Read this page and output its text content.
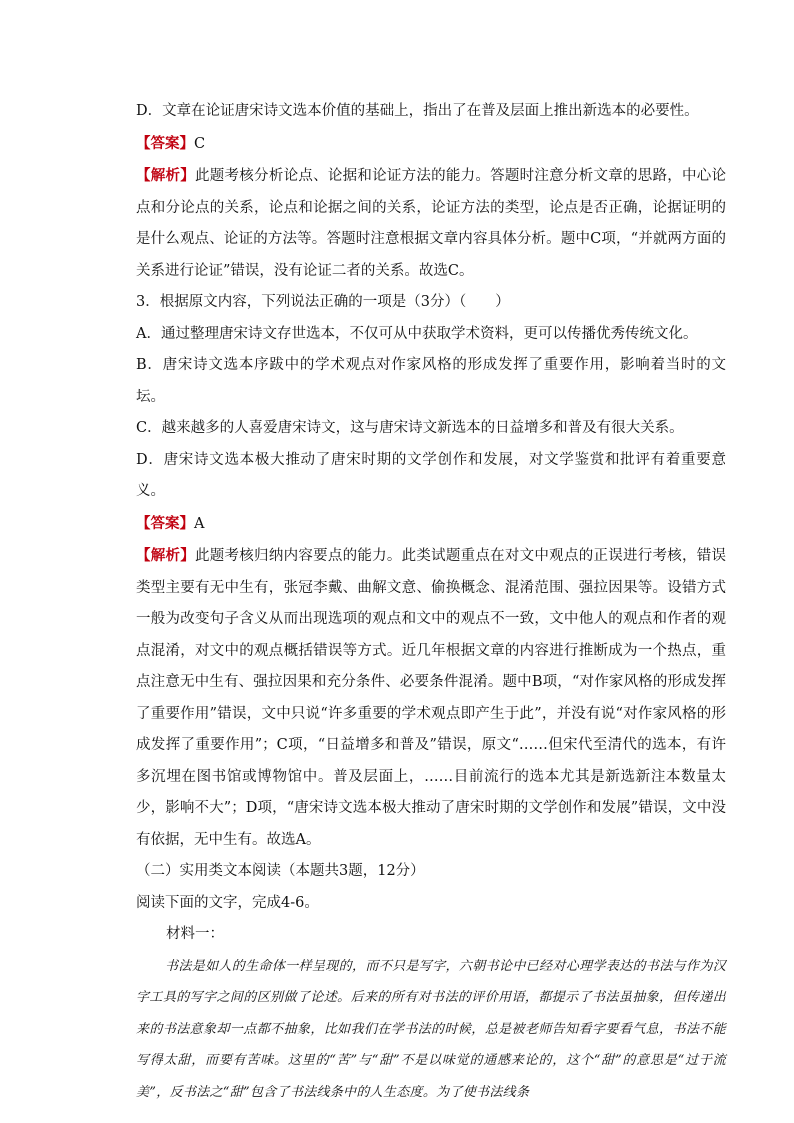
D．文章在论证唐宋诗文选本价值的基础上，指出了在普及层面上推出新选本的必要性。

【答案】C

【解析】此题考核分析论点、论据和论证方法的能力。答题时注意分析文章的思路，中心论点和分论点的关系，论点和论据之间的关系，论证方法的类型，论点是否正确，论据证明的是什么观点、论证的方法等。答题时注意根据文章内容具体分析。题中C项，“并就两方面的关系进行论证”错误，没有论证二者的关系。故选C。

3．根据原文内容，下列说法正确的一项是（3分）（　　）

A．通过整理唐宋诗文存世选本，不仅可从中获取学术资料，更可以传播优秀传统文化。

B．唐宋诗文选本序跋中的学术观点对作家风格的形成发挥了重要作用，影响着当时的文坛。

C．越来越多的人喜爱唐宋诗文，这与唐宋诗文新选本的日益增多和普及有很大关系。

D．唐宋诗文选本极大推动了唐宋时期的文学创作和发展，对文学鉴赏和批评有着重要意义。

【答案】A

【解析】此题考核归纳内容要点的能力。此类试题重点在对文中观点的正误进行考核，错误类型主要有无中生有，张冠李戴、曲解文意、偷换概念、混淆范围、强拉因果等。设错方式一般为改变句子含义从而出现选项的观点和文中的观点不一致，文中他人的观点和作者的观点混淆，对文中的观点概括错误等方式。近几年根据文章的内容进行推断成为一个热点，重点注意无中生有、强拉因果和充分条件、必要条件混淆。题中B项，“对作家风格的形成发挥了重要作用”错误，文中只说“许多重要的学术观点即产生于此”，并没有说“对作家风格的形成发挥了重要作用”；C项，“日益增多和普及”错误，原文“……但宋代至清代的选本，有许多沉埋在图书馆或博物馆中。普及层面上，……目前流行的选本尤其是新选新注本数量太少，影响不大”；D项，“唐宋诗文选本极大推动了唐宋时期的文学创作和发展”错误，文中没有依据，无中生有。故选A。

（二）实用类文本阅读（本题共3题，12分）

阅读下面的文字，完成4-6。

材料一：

书法是如人的生命体一样呈现的，而不只是写字，六朝书论中已经对心理学表达的书法与作为汉字工具的写字之间的区别做了论述。后来的所有对书法的评价用语，都提示了书法虽抽象，但传递出来的书法意象却一点都不抽象，比如我们在学书法的时候，总是被老师告知看字要看气息，书法不能写得太甜，而要有苦味。这里的“苦”与“甜”不是以味觉的通感来论的，这个“甜”的意思是“过于流美”，反书法之“甜”包含了书法线条中的人生态度。为了使书法线条
